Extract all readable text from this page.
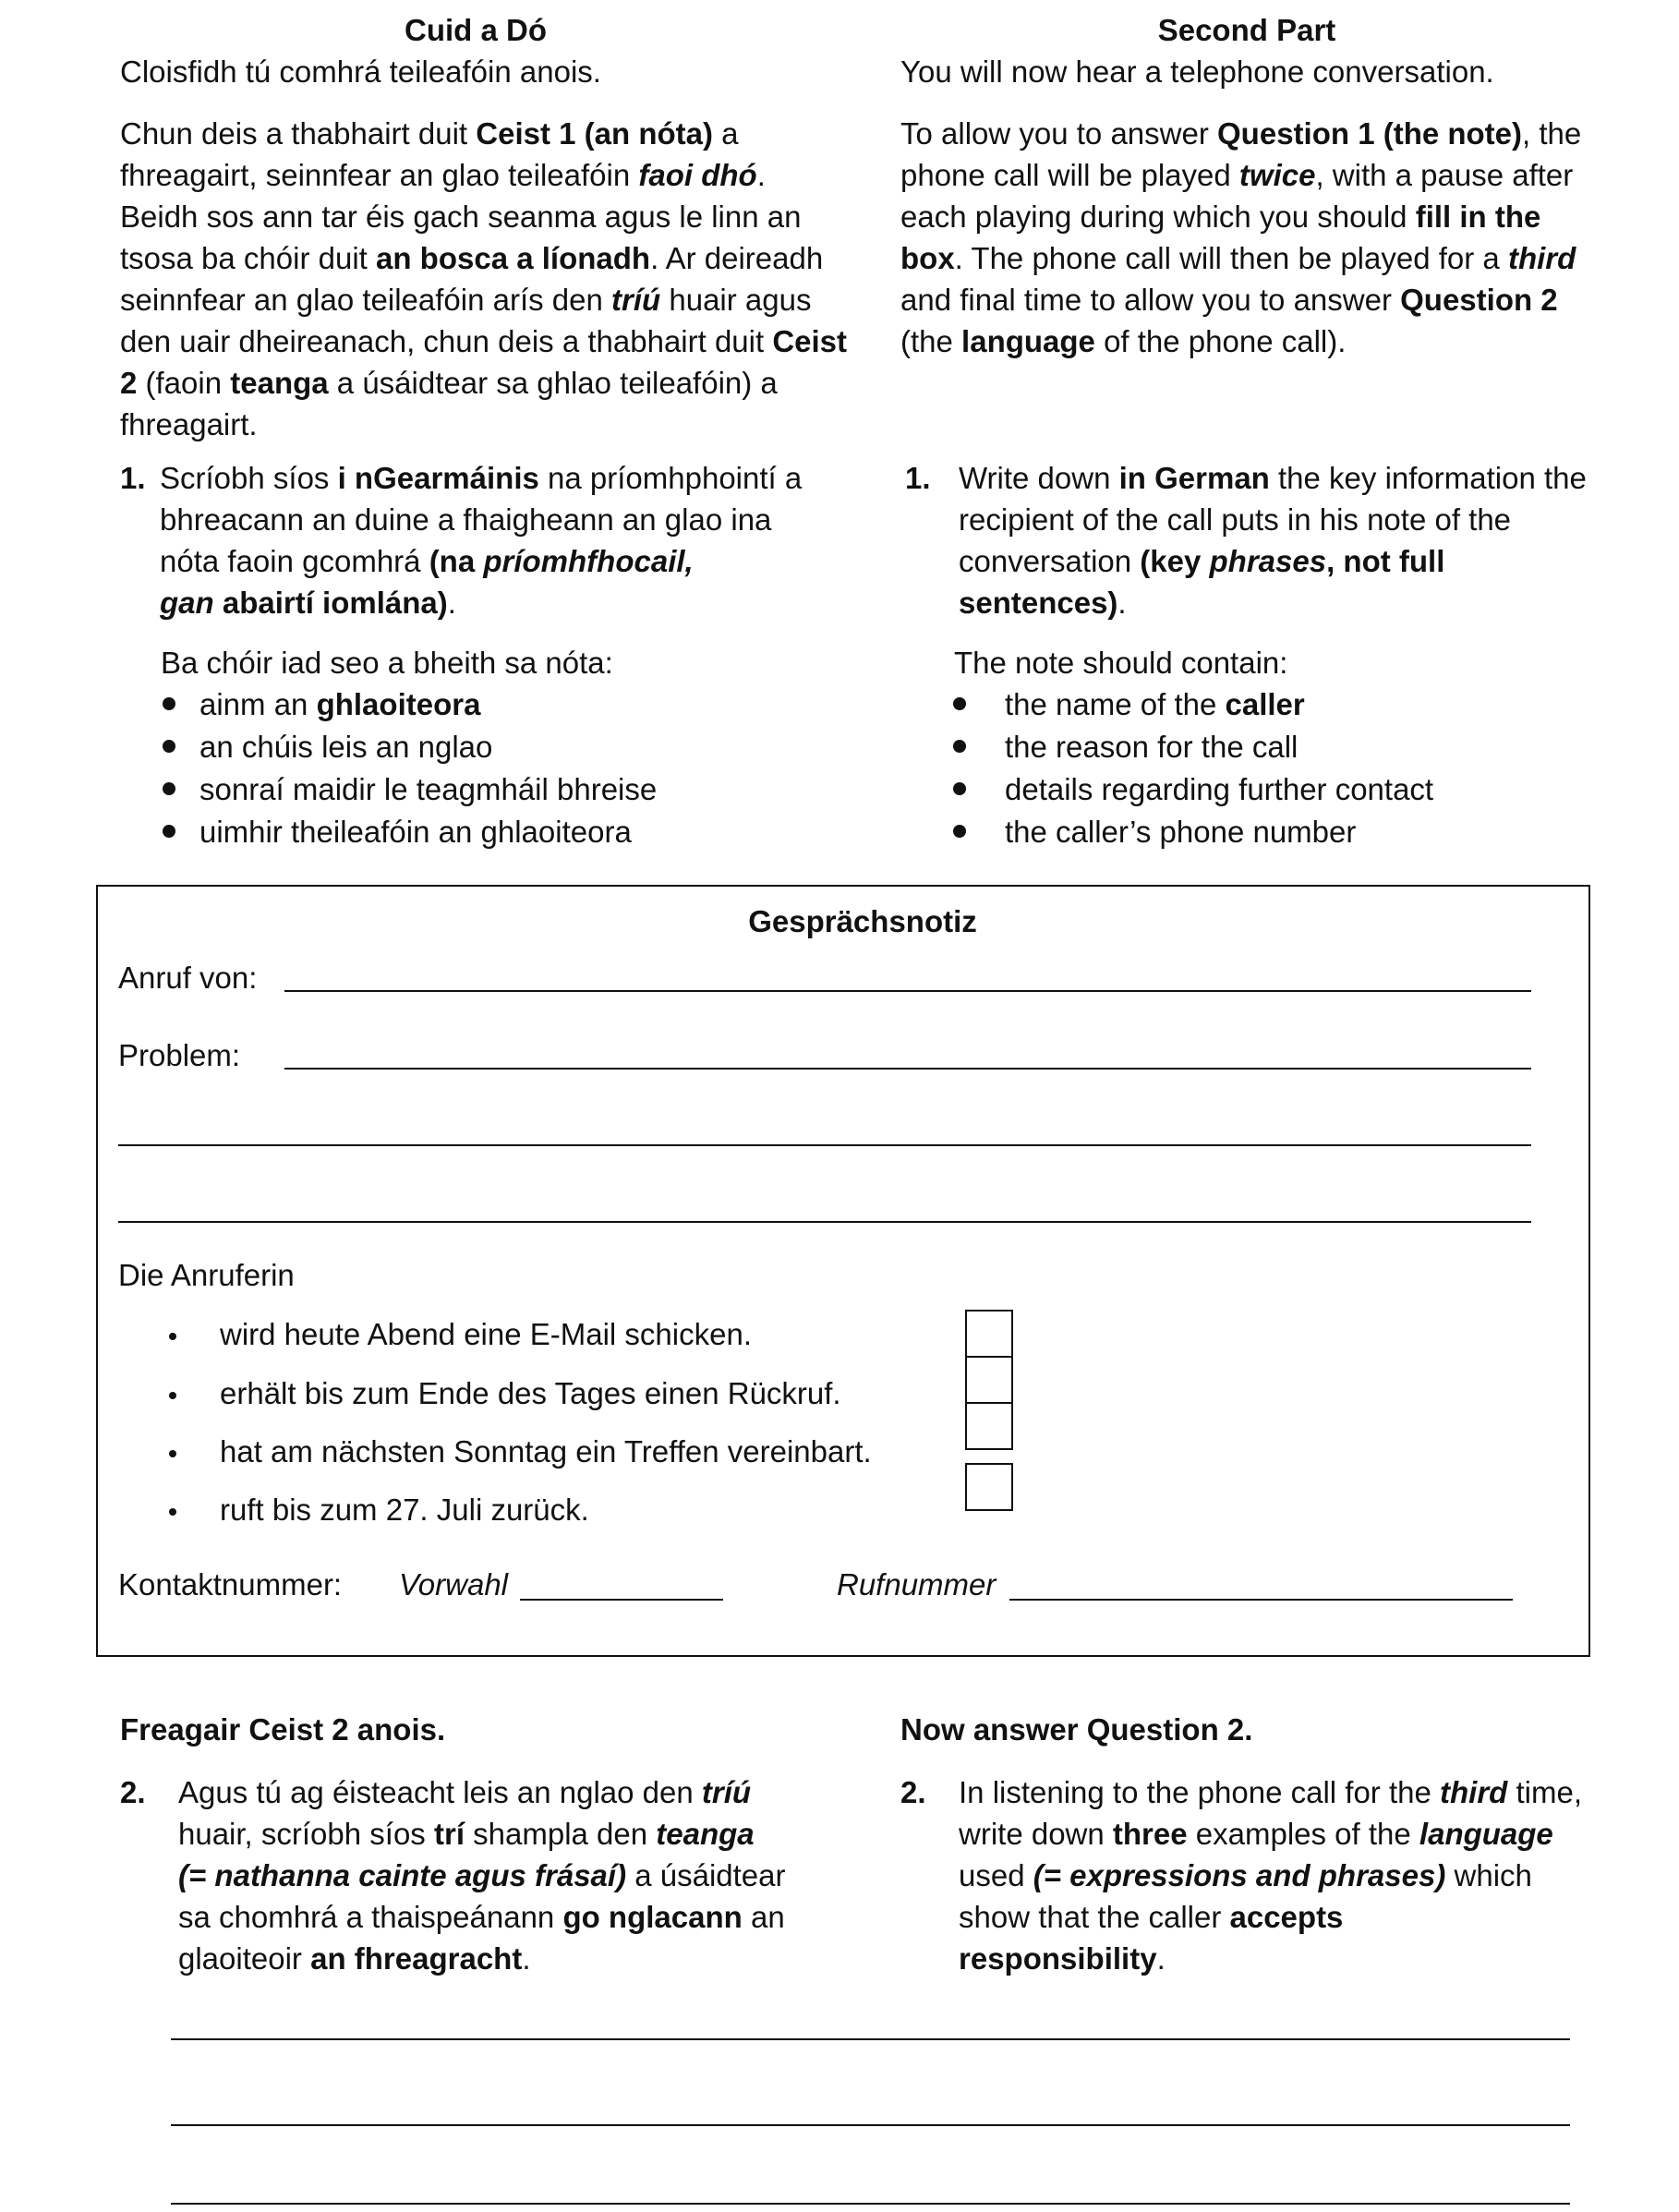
Cuid a Dó
Cloisfidh tú comhrá teileafóin anois.
Chun deis a thabhairt duit Ceist 1 (an nóta) a fhreagairt, seinnfear an glao teileafóin faoi dhó. Beidh sos ann tar éis gach seanma agus le linn an tsosa ba chóir duit an bosca a líonadh. Ar deireadh seinnfear an glao teileafóin arís den tríú huair agus den uair dheireanach, chun deis a thabhairt duit Ceist 2 (faoin teanga a úsáidtear sa ghlao teileafóin) a fhreagairt.
1. Scríobh síos i nGearmáinis na príomhphointí a bhreacann an duine a fhaigheann an glao ina nóta faoin gcomhrá (na príomhfhocail,
gan abairtí iomlána).
Ba chóir iad seo a bheith sa nóta:
ainm an ghlaoiteora
an chúis leis an nglao
sonraí maidir le teagmháil bhreise
uimhir theileafóin an ghlaoiteora
Second Part
You will now hear a telephone conversation.
To allow you to answer Question 1 (the note), the phone call will be played twice, with a pause after each playing during which you should fill in the box. The phone call will then be played for a third and final time to allow you to answer Question 2
(the language of the phone call).
1. Write down in German the key information the recipient of the call puts in his note of the conversation (key phrases, not full sentences).
The note should contain:
the name of the caller
the reason for the call
details regarding further contact
the caller’s phone number
Gesprächsnotiz
Anruf von:
Problem:
Die Anruferin
wird heute Abend eine E-Mail schicken.
erhält bis zum Ende des Tages einen Rückruf.
hat am nächsten Sonntag ein Treffen vereinbart.
ruft bis zum 27. Juli zurück.
Kontaktnummer: Vorwahl	Rufnummer
Freagair Ceist 2 anois.	Now answer Question 2.
2. Agus tú ag éisteacht leis an nglao den tríú huair, scríobh síos trí shampla den teanga
(= nathanna cainte agus frásaí) a úsáidtear sa chomhrá a thaispeánann go nglacann an glaoiteoir an fhreagracht.
2. In listening to the phone call for the third time, write down three examples of the language used (= expressions and phrases) which show that the caller accepts
responsibility.
